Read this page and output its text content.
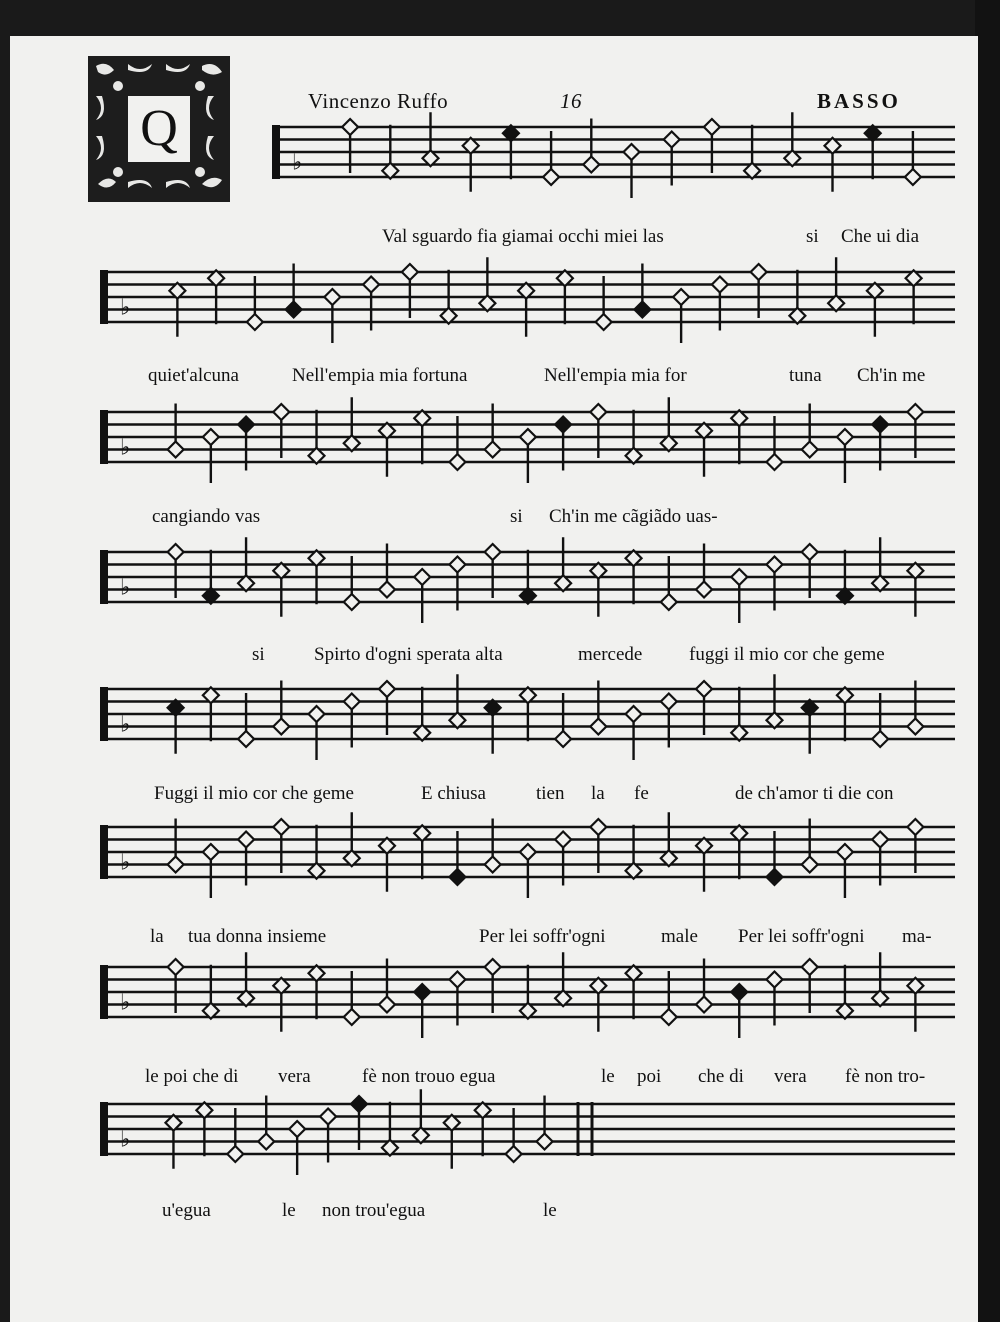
Vincenzo Ruffo	16	BASSO
Q
♭
♭
♭
♭
♭
♭
♭
♭
Val sguardo fia giamai occhi miei las	si Che ui dia
quiet'alcuna	Nell'empia mia fortuna	Nell'empia mia for	tuna Ch'in me
cangiando vas	si Ch'in me cãgiãdo uas-
si	Spirto d'ogni sperata alta	mercede fuggi il mio cor che geme
Fuggi il mio cor che geme	E chiusa	tien la fe	de ch'amor ti die con
la tua donna insieme	Per lei soffr'ogni	male Per lei soffr'ogni ma-
le poi che di vera	fè non trouo egua	le poi che di vera fè non tro-
u'egua	le non trou'egua	le
